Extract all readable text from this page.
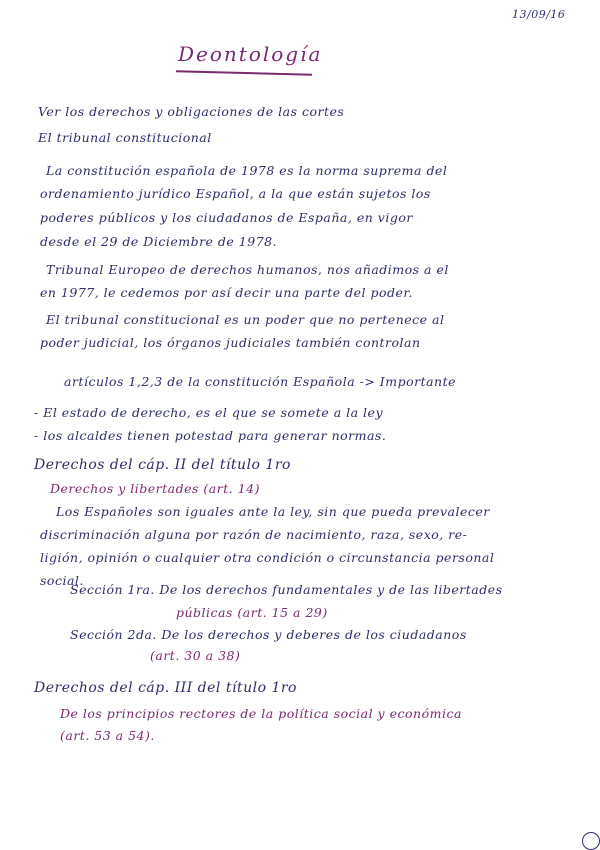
13/09/16
Deontología
Ver los derechos y obligaciones de las cortes
El tribunal constitucional
La constitución española de 1978 es la norma suprema del
ordenamiento jurídico Español, a la que están sujetos los
poderes públicos y los ciudadanos de España, en vigor
desde el 29 de Diciembre de 1978.
Tribunal Europeo de derechos humanos, nos añadimos a el
en 1977, le cedemos por así decir una parte del poder.
El tribunal constitucional es un poder que no pertenece al
poder judicial, los órganos judiciales también controlan
artículos 1,2,3 de la constitución Española -> Importante
- El estado de derecho, es el que se somete a la ley
- los alcaldes tienen potestad para generar normas.
Derechos del cáp. II del título 1ro
Derechos y libertades (art. 14)
Los Españoles son iguales ante la ley, sin que pueda prevalecer
discriminación alguna por razón de nacimiento, raza, sexo, re-
ligión, opinión o cualquier otra condición o circunstancia personal
social.
Sección 1ra. De los derechos fundamentales y de las libertades
públicas (art. 15 a 29)
Sección 2da. De los derechos y deberes de los ciudadanos
(art. 30 a 38)
Derechos del cáp. III del título 1ro
De los principios rectores de la política social y económica
(art. 53 a 54).
